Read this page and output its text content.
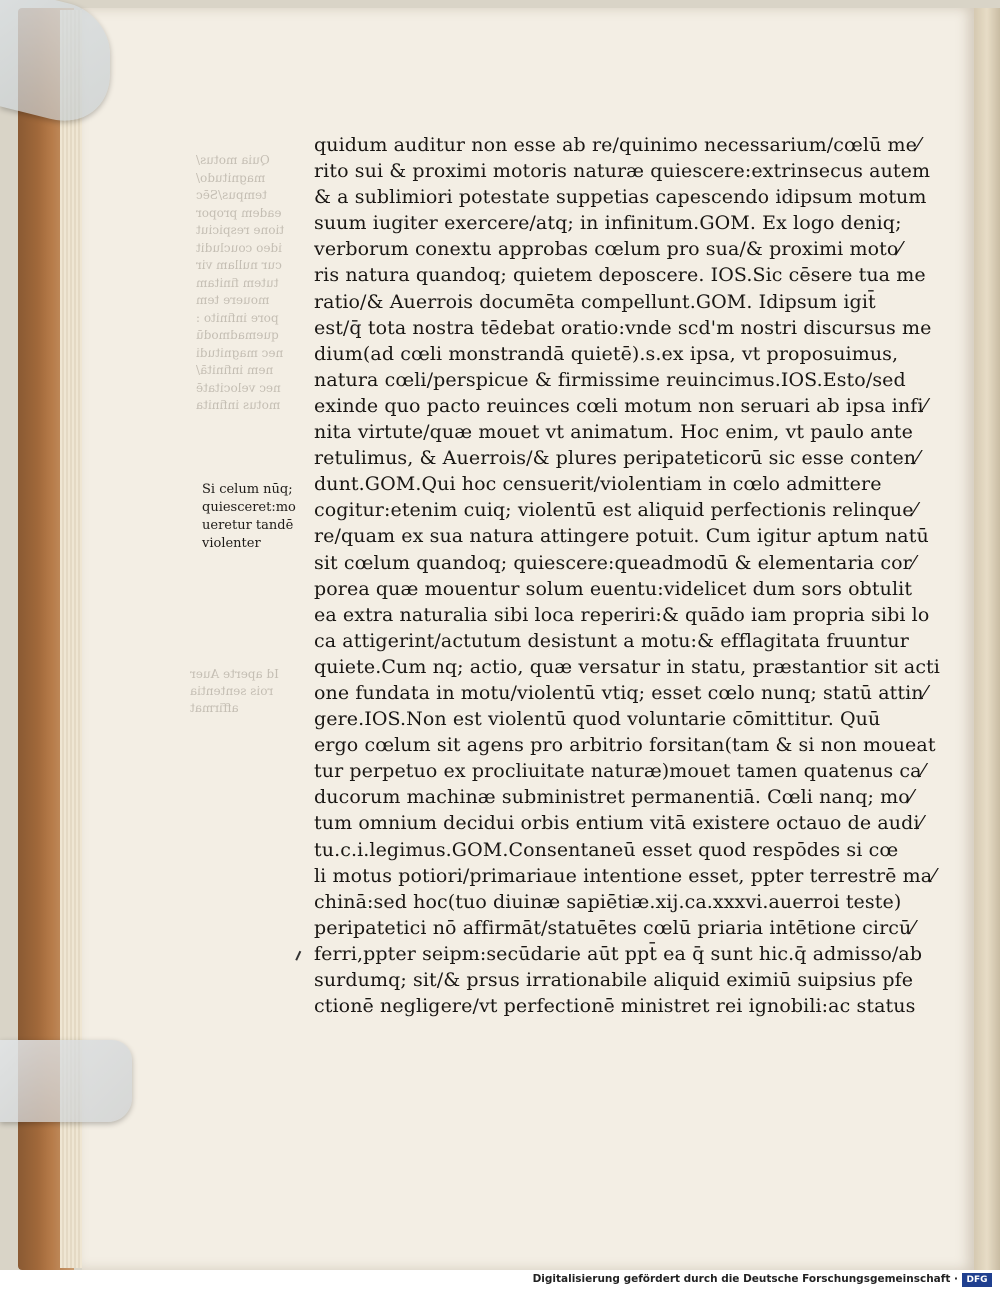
Quia motus/
magnitudo/
tempus/Sēc
eadem propor
tione respiciut
ideo coucludit
cur nullam vir
tutem finitam
mouere tem
pore infinito :
quemadmodū
nec magnitudi
nem infinitā/
nec velocitatē
motus infinita
Id aperte Auer
rois sententia
affirmat
Si celum nūq;
quiesceret:mo
ueretur tandē
violenter
quidum auditur non esse ab re/quinimo necessarium/cœlū me⁄
rito sui & proximi motoris naturæ quiescere:extrinsecus autem
& a sublimiori potestate suppetias capescendo idipsum motum
suum iugiter exercere/atq; in infinitum.GOM. Ex logo deniq;
verborum conextu approbas cœlum pro sua/& proximi moto⁄
ris natura quandoq; quietem deposcere. IOS.Sic cēsere tua me
ratio/& Auerrois documēta compellunt.GOM. Idipsum igit̄
est/q̄ tota nostra tēdebat oratio:vnde scd'm nostri discursus me
dium(ad cœli monstrandā quietē).s.ex ipsa, vt proposuimus,
natura cœli/perspicue & firmissime reuincimus.IOS.Esto/sed
exinde quo pacto reuinces cœli motum non seruari ab ipsa infi⁄
nita virtute/quæ mouet vt animatum. Hoc enim, vt paulo ante
retulimus, & Auerrois/& plures peripateticorū sic esse conten⁄
dunt.GOM.Qui hoc censuerit/violentiam in cœlo admittere
cogitur:etenim cuiq; violentū est aliquid perfectionis relinque⁄
re/quam ex sua natura attingere potuit. Cum igitur aptum natū
sit cœlum quandoq; quiescere:queadmodū & elementaria cor⁄
porea quæ mouentur solum euentu:videlicet dum sors obtulit
ea extra naturalia sibi loca reperiri:& quādo iam propria sibi lo
ca attigerint/actutum desistunt a motu:& efflagitata fruuntur
quiete.Cum nq; actio, quæ versatur in statu, præstantior sit acti
one fundata in motu/violentū vtiq; esset cœlo nunq; statū attin⁄
gere.IOS.Non est violentū quod voluntarie cōmittitur. Quū
ergo cœlum sit agens pro arbitrio forsitan(tam & si non moueat
tur perpetuo ex procliuitate naturæ)mouet tamen quatenus ca⁄
ducorum machinæ subministret permanentiā. Cœli nanq; mo⁄
tum omnium decidui orbis entium vitā existere octauo de audi⁄
tu.c.i.legimus.GOM.Consentaneū esset quod respōdes si cœ
li motus potiori/primariaue intentione esset, ppter terrestrē ma⁄
chinā:sed hoc(tuo diuinæ sapiētiæ.xij.ca.xxxvi.auerroi teste)
peripatetici nō affirmāt/statuētes cœlū priaria intētione circū⁄
ferri,ppter seipm:secūdarie aūt ppt̄ ea q̄ sunt hic.q̄ admisso/ab
surdumq; sit/& prsus irrationabile aliquid eximiū suipsius pfe
ctionē negligere/vt perfectionē ministret rei ignobili:ac status
Digitalisierung gefördert durch die Deutsche Forschungsgemeinschaft · DFG
